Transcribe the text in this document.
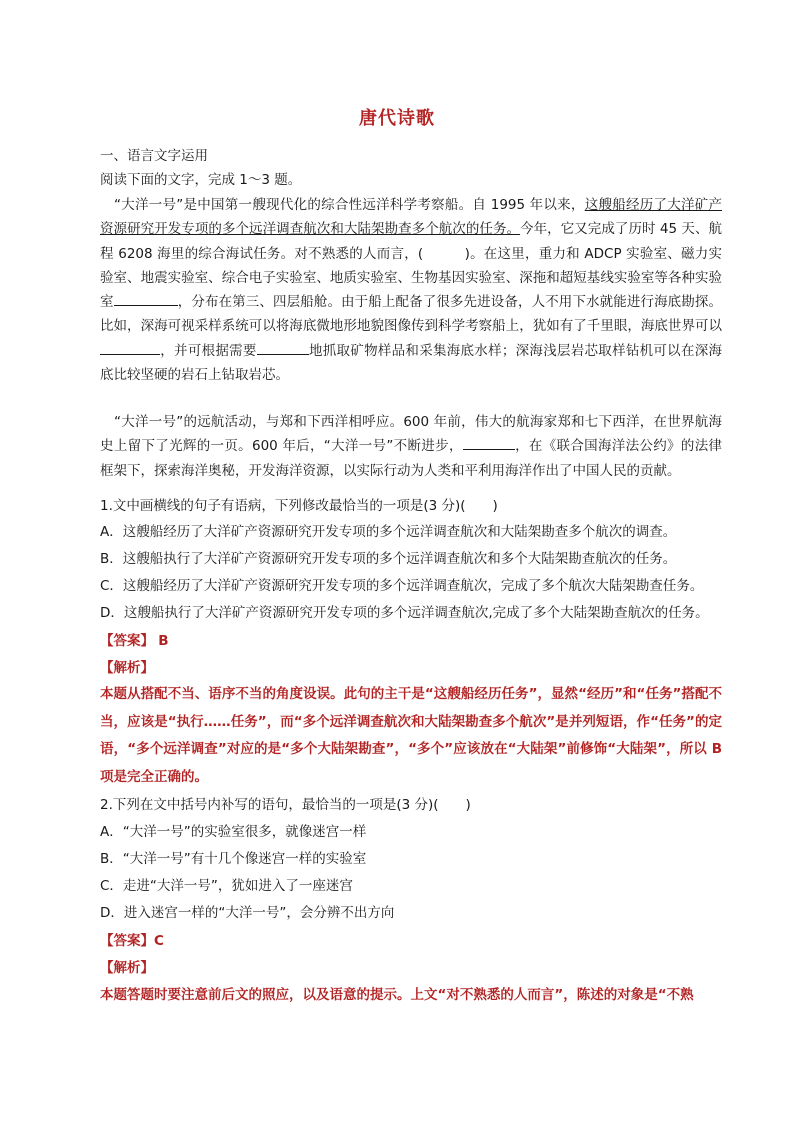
唐代诗歌
一、语言文字运用
阅读下面的文字，完成 1～3 题。
“大洋一号”是中国第一艘现代化的综合性远洋科学考察船。自 1995 年以来，这艘船经历了大洋矿产资源研究开发专项的多个远洋调查航次和大陆架勘查多个航次的任务。今年，它又完成了历时 45 天、航程 6208 海里的综合海试任务。对不熟悉的人而言，(　　　)。在这里，重力和 ADCP 实验室、磁力实验室、地震实验室、综合电子实验室、地质实验室、生物基因实验室、深拖和超短基线实验室等各种实验室	，分布在第三、四层船舱。由于船上配备了很多先进设备，人不用下水就能进行海底勘探。比如，深海可视采样系统可以将海底微地形地貌图像传到科学考察船上，犹如有了千里眼，海底世界可以，并可根据需要	地抓取矿物样品和采集海底水样；深海浅层岩芯取样钻机可以在深海底比较坚硬的岩石上钻取岩芯。
“大洋一号”的远航活动，与郑和下西洋相呼应。600 年前，伟大的航海家郑和七下西洋，在世界航海史上留下了光辉的一页。600 年后，“大洋一号”不断进步，	，在《联合国海洋法公约》的法律框架下，探索海洋奥秘，开发海洋资源，以实际行动为人类和平利用海洋作出了中国人民的贡献。
1.文中画横线的句子有语病，下列修改最恰当的一项是(3 分)(　　)
A．这艘船经历了大洋矿产资源研究开发专项的多个远洋调查航次和大陆架勘查多个航次的调查。
B．这艘船执行了大洋矿产资源研究开发专项的多个远洋调查航次和多个大陆架勘查航次的任务。
C．这艘船经历了大洋矿产资源研究开发专项的多个远洋调查航次，完成了多个航次大陆架勘查任务。
D．这艘船执行了大洋矿产资源研究开发专项的多个远洋调查航次,完成了多个大陆架勘查航次的任务。
【答案】 B
【解析】
本题从搭配不当、语序不当的角度设误。此句的主干是“这艘船经历任务”，显然“经历”和“任务”搭配不当，应该是“执行……任务”，而“多个远洋调查航次和大陆架勘查多个航次”是并列短语，作“任务”的定语，“多个远洋调查”对应的是“多个大陆架勘查”，“多个”应该放在“大陆架”前修饰“大陆架”，所以 B 项是完全正确的。
2.下列在文中括号内补写的语句，最恰当的一项是(3 分)(　　)
A．“大洋一号”的实验室很多，就像迷宫一样
B．“大洋一号”有十几个像迷宫一样的实验室
C．走进“大洋一号”，犹如进入了一座迷宫
D．进入迷宫一样的“大洋一号”，会分辨不出方向
【答案】C
【解析】
本题答题时要注意前后文的照应，以及语意的提示。上文“对不熟悉的人而言”，陈述的对象是“不熟
